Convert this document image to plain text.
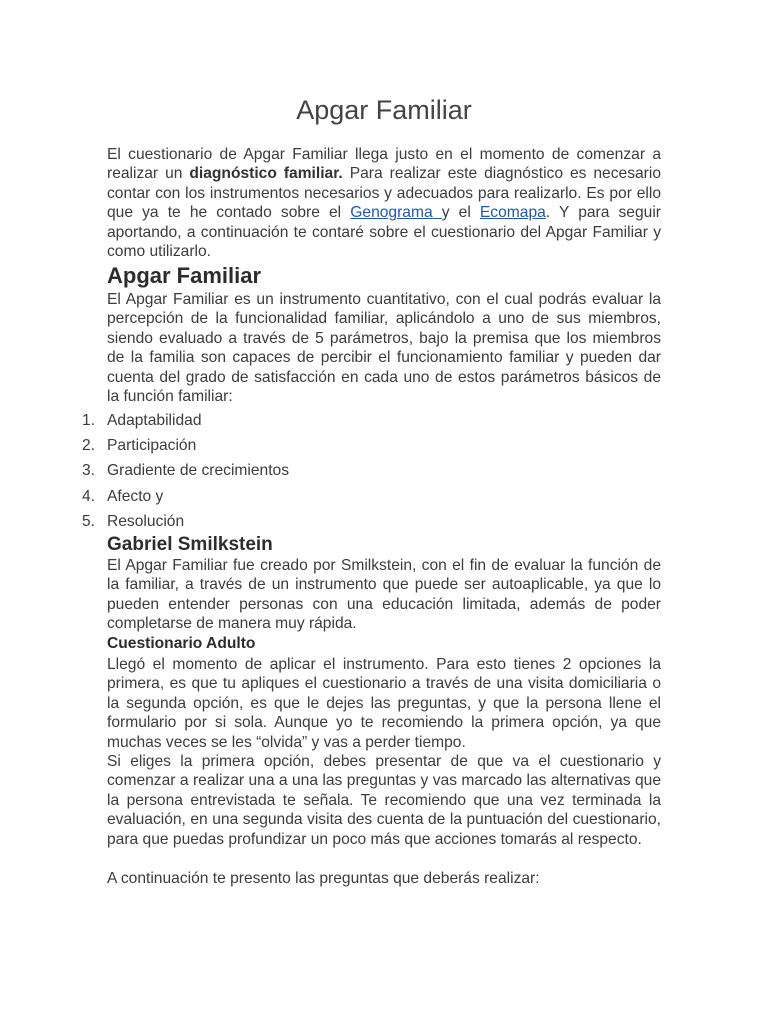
Apgar Familiar

El cuestionario de Apgar Familiar llega justo en el momento de comenzar a realizar un diagnóstico familiar. Para realizar este diagnóstico es necesario contar con los instrumentos necesarios y adecuados para realizarlo. Es por ello que ya te he contado sobre el Genograma y el Ecomapa. Y para seguir aportando, a continuación te contaré sobre el cuestionario del Apgar Familiar y como utilizarlo.

Apgar Familiar

El Apgar Familiar es un instrumento cuantitativo, con el cual podrás evaluar la percepción de la funcionalidad familiar, aplicándolo a uno de sus miembros, siendo evaluado a través de 5 parámetros, bajo la premisa que los miembros de la familia son capaces de percibir el funcionamiento familiar y pueden dar cuenta del grado de satisfacción en cada uno de estos parámetros básicos de la función familiar:

1. Adaptabilidad
2. Participación
3. Gradiente de crecimientos
4. Afecto y
5. Resolución
Gabriel Smilkstein

El Apgar Familiar fue creado por Smilkstein, con el fin de evaluar la función de la familiar, a través de un instrumento que puede ser autoaplicable, ya que lo pueden entender personas con una educación limitada, además de poder completarse de manera muy rápida.

Cuestionario Adulto

Llegó el momento de aplicar el instrumento. Para esto tienes 2 opciones la primera, es que tu apliques el cuestionario a través de una visita domiciliaria o la segunda opción, es que le dejes las preguntas, y que la persona llene el formulario por si sola. Aunque yo te recomiendo la primera opción, ya que muchas veces se les “olvida” y vas a perder tiempo.

Si eliges la primera opción, debes presentar de que va el cuestionario y comenzar a realizar una a una las preguntas y vas marcado las alternativas que la persona entrevistada te señala. Te recomiendo que una vez terminada la evaluación, en una segunda visita des cuenta de la puntuación del cuestionario, para que puedas profundizar un poco más que acciones tomarás al respecto.

A continuación te presento las preguntas que deberás realizar:
